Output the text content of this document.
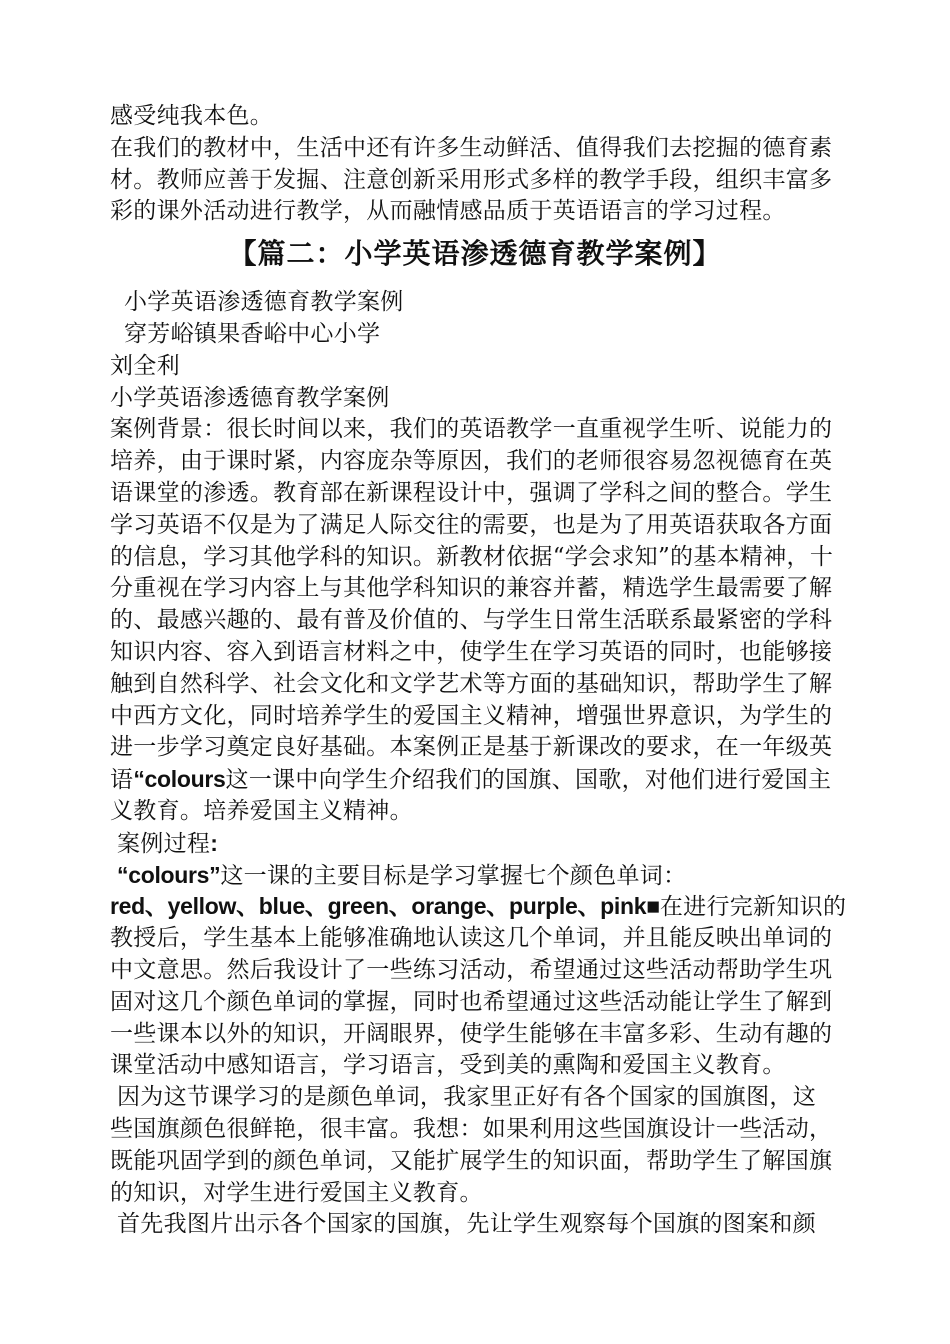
感受纯我本色。
在我们的教材中，生活中还有许多生动鲜活、值得我们去挖掘的德育素
材。教师应善于发掘、注意创新采用形式多样的教学手段，组织丰富多
彩的课外活动进行教学，从而融情感品质于英语语言的学习过程。
【篇二：小学英语渗透德育教学案例】
小学英语渗透德育教学案例
穿芳峪镇果香峪中心小学
刘全利
小学英语渗透德育教学案例
案例背景：很长时间以来，我们的英语教学一直重视学生听、说能力的
培养，由于课时紧，内容庞杂等原因，我们的老师很容易忽视德育在英
语课堂的渗透。教育部在新课程设计中，强调了学科之间的整合。学生
学习英语不仅是为了满足人际交往的需要，也是为了用英语获取各方面
的信息，学习其他学科的知识。新教材依据“学会求知”的基本精神，十
分重视在学习内容上与其他学科知识的兼容并蓄，精选学生最需要了解
的、最感兴趣的、最有普及价值的、与学生日常生活联系最紧密的学科
知识内容、容入到语言材料之中，使学生在学习英语的同时，也能够接
触到自然科学、社会文化和文学艺术等方面的基础知识，帮助学生了解
中西方文化，同时培养学生的爱国主义精神，增强世界意识，为学生的
进一步学习奠定良好基础。本案例正是基于新课改的要求，在一年级英
语“colours这一课中向学生介绍我们的国旗、国歌，对他们进行爱国主
义教育。培养爱国主义精神。
案例过程:
“colours”这一课的主要目标是学习掌握七个颜色单词：
red、yellow、blue、green、orange、purple、pink■在进行完新知识的
教授后，学生基本上能够准确地认读这几个单词，并且能反映出单词的
中文意思。然后我设计了一些练习活动，希望通过这些活动帮助学生巩
固对这几个颜色单词的掌握，同时也希望通过这些活动能让学生了解到
一些课本以外的知识，开阔眼界，使学生能够在丰富多彩、生动有趣的
课堂活动中感知语言，学习语言，受到美的熏陶和爱国主义教育。
因为这节课学习的是颜色单词，我家里正好有各个国家的国旗图，这
些国旗颜色很鲜艳，很丰富。我想：如果利用这些国旗设计一些活动，
既能巩固学到的颜色单词，又能扩展学生的知识面，帮助学生了解国旗
的知识，对学生进行爱国主义教育。
首先我图片出示各个国家的国旗，先让学生观察每个国旗的图案和颜
